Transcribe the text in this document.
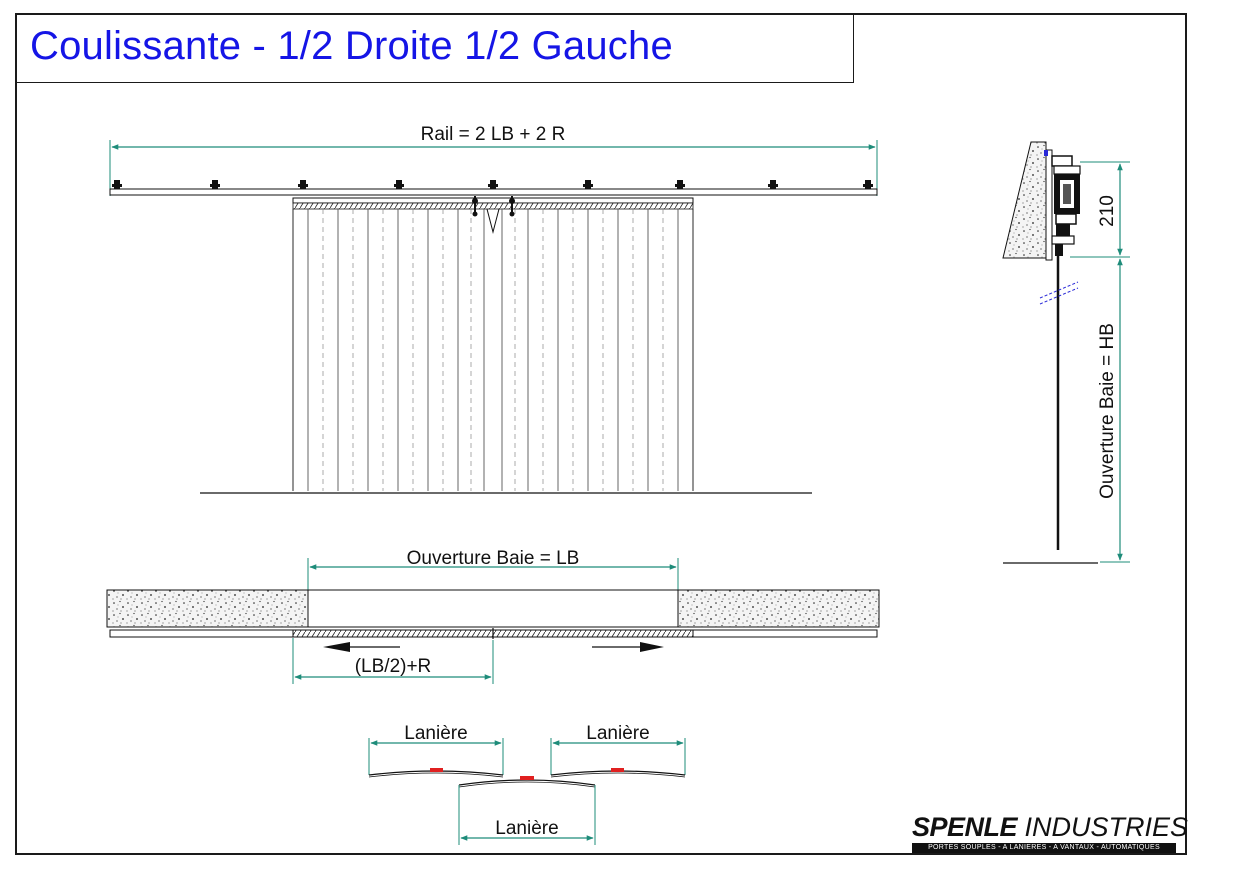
Coulissante - 1/2 Droite 1/2 Gauche
Rail = 2 LB + 2 R
210
Ouverture Baie = HB
Ouverture Baie = LB
(LB/2)+R
Lanière	Lanière
Lanière	SPENLE INDUSTRIES
PORTES SOUPLES - A LANIERES - A VANTAUX - AUTOMATIQUES
